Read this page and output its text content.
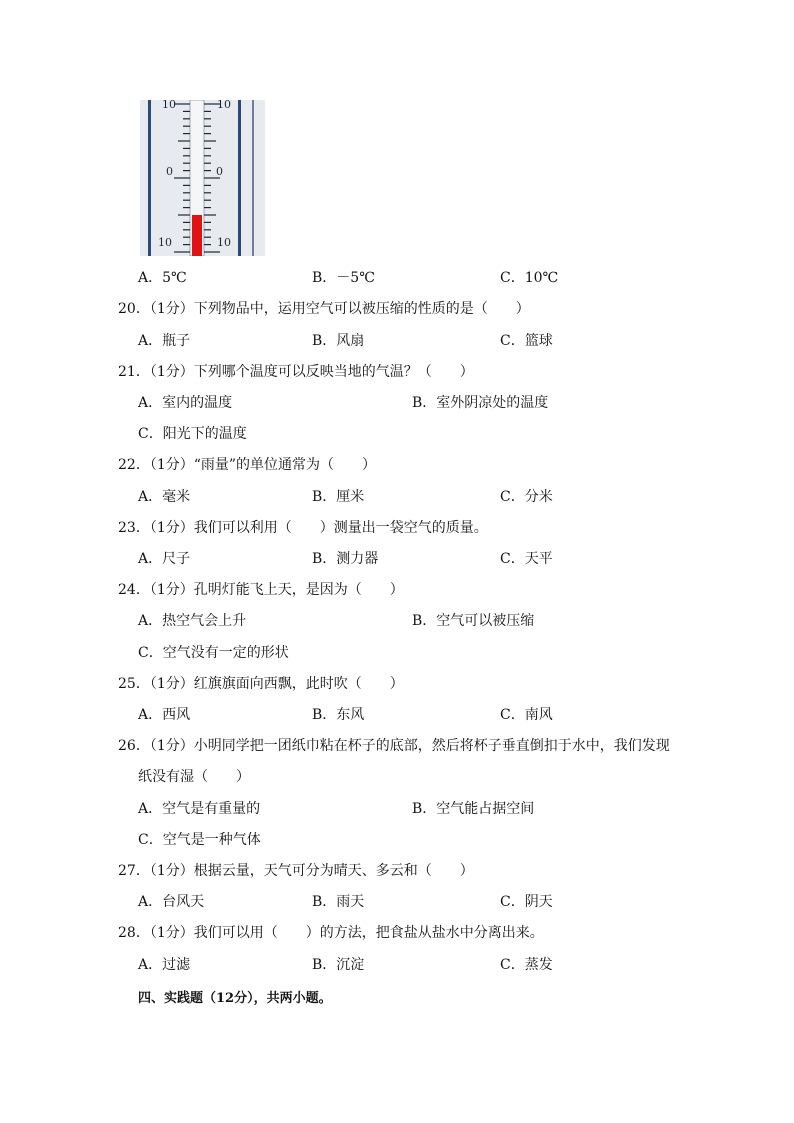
10	10
0	0
10	10
A．5℃	B．－5℃	C．10℃
20．（1分）下列物品中，运用空气可以被压缩的性质的是（　　）
A．瓶子	B．风扇	C．篮球
21．（1分）下列哪个温度可以反映当地的气温？（　　）
A．室内的温度	B．室外阴凉处的温度
C．阳光下的温度
22．（1分）“雨量”的单位通常为（　　）
A．毫米	B．厘米	C．分米
23．（1分）我们可以利用（　　）测量出一袋空气的质量。
A．尺子	B．测力器	C．天平
24．（1分）孔明灯能飞上天，是因为（　　）
A．热空气会上升	B．空气可以被压缩
C．空气没有一定的形状
25．（1分）红旗旗面向西飘，此时吹（　　）
A．西风	B．东风	C．南风
26．（1分）小明同学把一团纸巾粘在杯子的底部，然后将杯子垂直倒扣于水中，我们发现
纸没有湿（　　）
A．空气是有重量的	B．空气能占据空间
C．空气是一种气体
27．（1分）根据云量，天气可分为晴天、多云和（　　）
A．台风天	B．雨天	C．阴天
28．（1分）我们可以用（　　）的方法，把食盐从盐水中分离出来。
A．过滤	B．沉淀	C．蒸发
四、实践题（12分），共两小题。
